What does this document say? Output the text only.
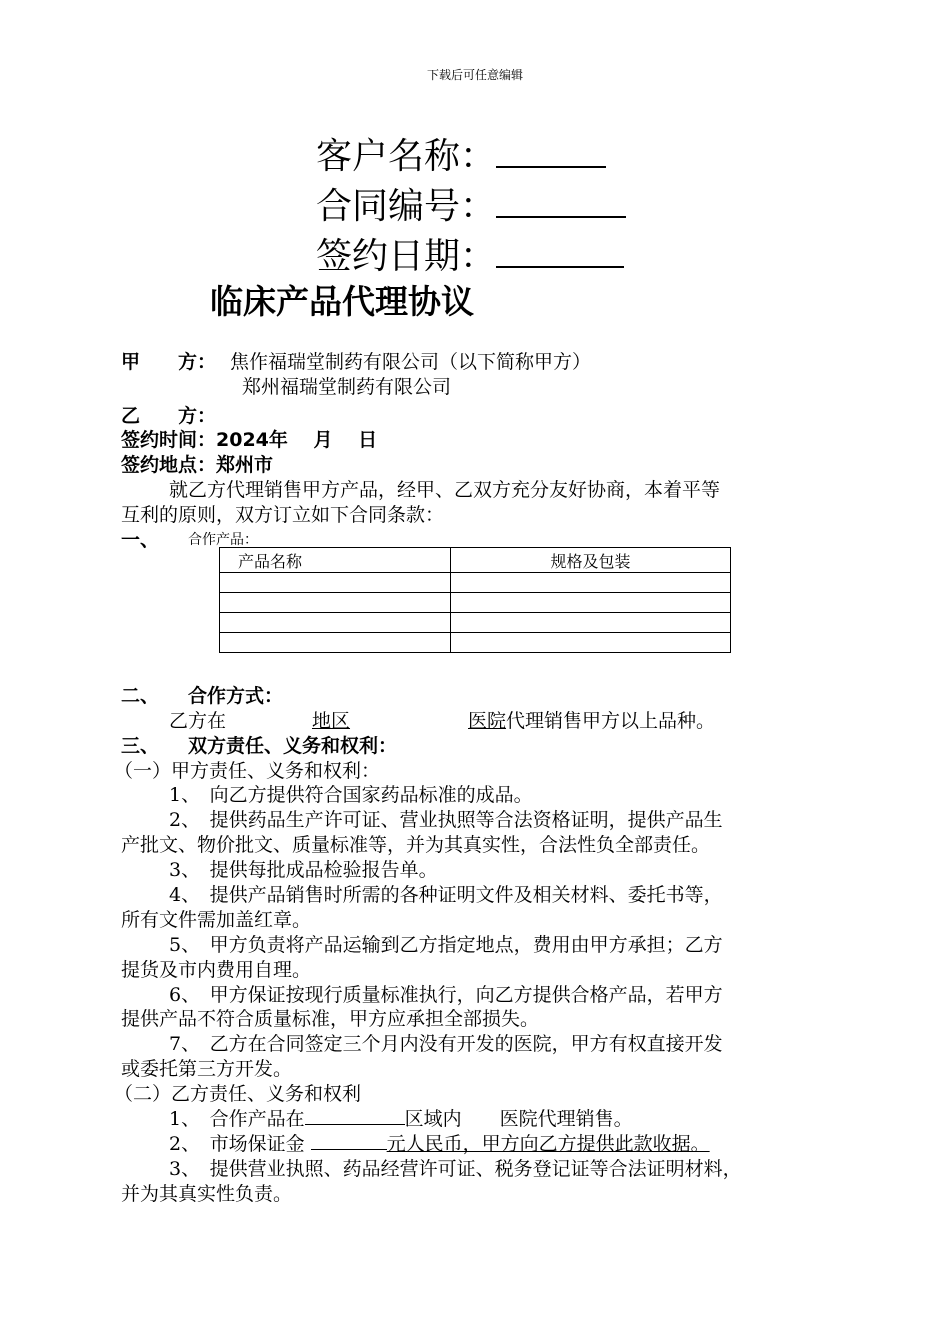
下载后可任意编辑
客户名称：
合同编号：
签约日期：
临床产品代理协议
甲　　方： 焦作福瑞堂制药有限公司（以下简称甲方）
郑州福瑞堂制药有限公司
乙　　方：
签约时间：2024年　 月　 日
签约地点：郑州市
就乙方代理销售甲方产品，经甲、乙双方充分友好协商，本着平等
互利的原则，双方订立如下合同条款：
一、 合作产品：
产品名称	规格及包装

二、 合作方式：
乙方在	地区	医院代理销售甲方以上品种。
三、 双方责任、义务和权利：
（一）甲方责任、义务和权利：
1、　向乙方提供符合国家药品标准的成品。
2、　提供药品生产许可证、营业执照等合法资格证明，提供产品生
产批文、物价批文、质量标准等，并为其真实性，合法性负全部责任。
3、　提供每批成品检验报告单。
4、　提供产品销售时所需的各种证明文件及相关材料、委托书等，
所有文件需加盖红章。
5、　甲方负责将产品运输到乙方指定地点，费用由甲方承担；乙方
提货及市内费用自理。
6、　甲方保证按现行质量标准执行，向乙方提供合格产品，若甲方
提供产品不符合质量标准，甲方应承担全部损失。
7、　乙方在合同签定三个月内没有开发的医院，甲方有权直接开发
或委托第三方开发。
（二）乙方责任、义务和权利
1、　合作产品在	区域内　　医院代理销售。
2、　市场保证金	元人民币，甲方向乙方提供此款收据。
3、　提供营业执照、药品经营许可证、税务登记证等合法证明材料，
并为其真实性负责。
